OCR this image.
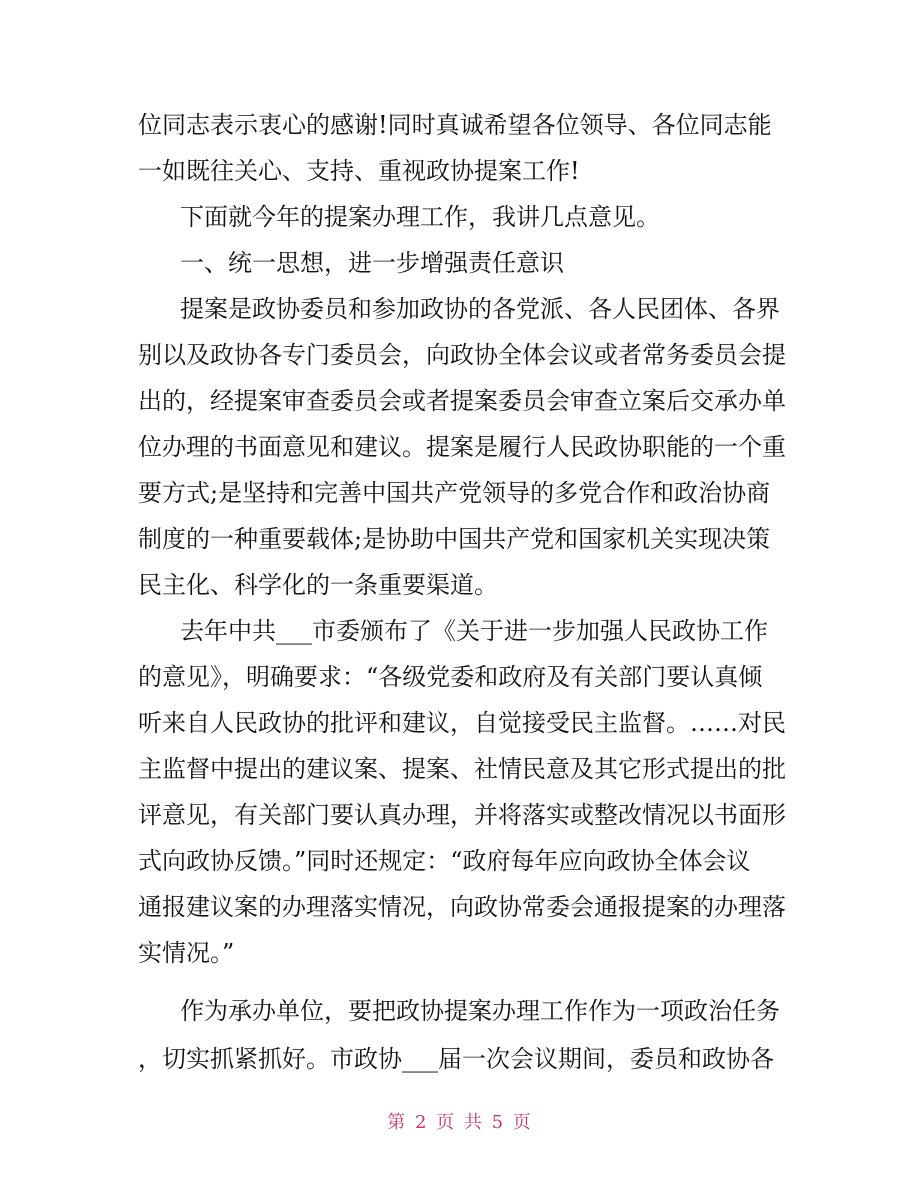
位同志表示衷心的感谢!同时真诚希望各位领导、各位同志能

一如既往关心、支持、重视政协提案工作!

下面就今年的提案办理工作，我讲几点意见。

一、统一思想，进一步增强责任意识

提案是政协委员和参加政协的各党派、各人民团体、各界

别以及政协各专门委员会，向政协全体会议或者常务委员会提

出的，经提案审查委员会或者提案委员会审查立案后交承办单

位办理的书面意见和建议。提案是履行人民政协职能的一个重

要方式;是坚持和完善中国共产党领导的多党合作和政治协商

制度的一种重要载体;是协助中国共产党和国家机关实现决策

民主化、科学化的一条重要渠道。

去年中共___市委颁布了《关于进一步加强人民政协工作

的意见》，明确要求：“各级党委和政府及有关部门要认真倾

听来自人民政协的批评和建议，自觉接受民主监督。……对民

主监督中提出的建议案、提案、社情民意及其它形式提出的批

评意见，有关部门要认真办理，并将落实或整改情况以书面形

式向政协反馈。”同时还规定：“政府每年应向政协全体会议

通报建议案的办理落实情况，向政协常委会通报提案的办理落

实情况。”

作为承办单位，要把政协提案办理工作作为一项政治任务

，切实抓紧抓好。市政协___届一次会议期间，委员和政协各

第 2 页 共 5 页
